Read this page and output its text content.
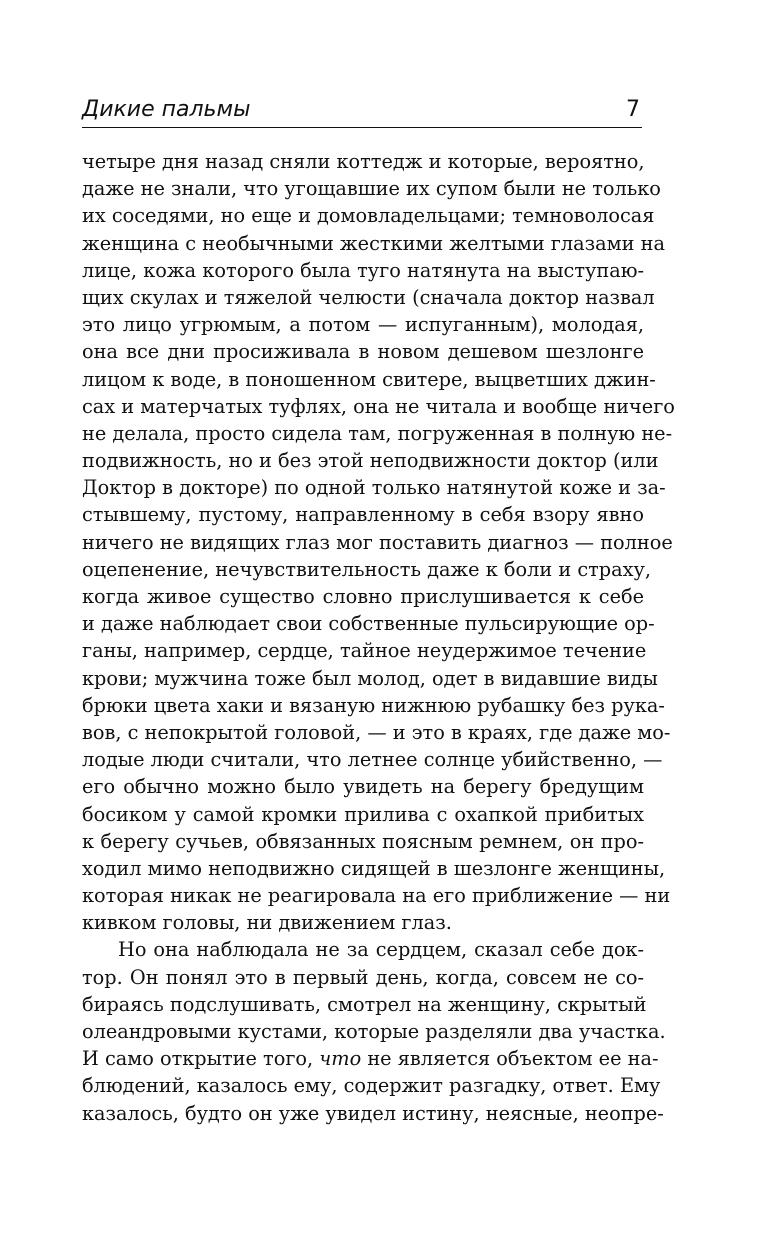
Дикие пальмы	7
четыре дня назад сняли коттедж и которые, вероятно,
даже не знали, что угощавшие их супом были не только
их соседями, но еще и домовладельцами; темноволосая
женщина с необычными жесткими желтыми глазами на
лице, кожа которого была туго натянута на выступаю-
щих скулах и тяжелой челюсти (сначала доктор назвал
это лицо угрюмым, а потом — испуганным), молодая,
она все дни просиживала в новом дешевом шезлонге
лицом к воде, в поношенном свитере, выцветших джин-
сах и матерчатых туфлях, она не читала и вообще ничего
не делала, просто сидела там, погруженная в полную не-
подвижность, но и без этой неподвижности доктор (или
Доктор в докторе) по одной только натянутой коже и за-
стывшему, пустому, направленному в себя взору явно
ничего не видящих глаз мог поставить диагноз — полное
оцепенение, нечувствительность даже к боли и страху,
когда живое существо словно прислушивается к себе
и даже наблюдает свои собственные пульсирующие ор-
ганы, например, сердце, тайное неудержимое течение
крови; мужчина тоже был молод, одет в видавшие виды
брюки цвета хаки и вязаную нижнюю рубашку без рука-
вов, с непокрытой головой, — и это в краях, где даже мо-
лодые люди считали, что летнее солнце убийственно, —
его обычно можно было увидеть на берегу бредущим
босиком у самой кромки прилива с охапкой прибитых
к берегу сучьев, обвязанных поясным ремнем, он про-
ходил мимо неподвижно сидящей в шезлонге женщины,
которая никак не реагировала на его приближение — ни
кивком головы, ни движением глаз.
Но она наблюдала не за сердцем, сказал себе док-
тор. Он понял это в первый день, когда, совсем не со-
бираясь подслушивать, смотрел на женщину, скрытый
олеандровыми кустами, которые разделяли два участка.
И само открытие того, что не является объектом ее на-
блюдений, казалось ему, содержит разгадку, ответ. Ему
казалось, будто он уже увидел истину, неясные, неопре-
